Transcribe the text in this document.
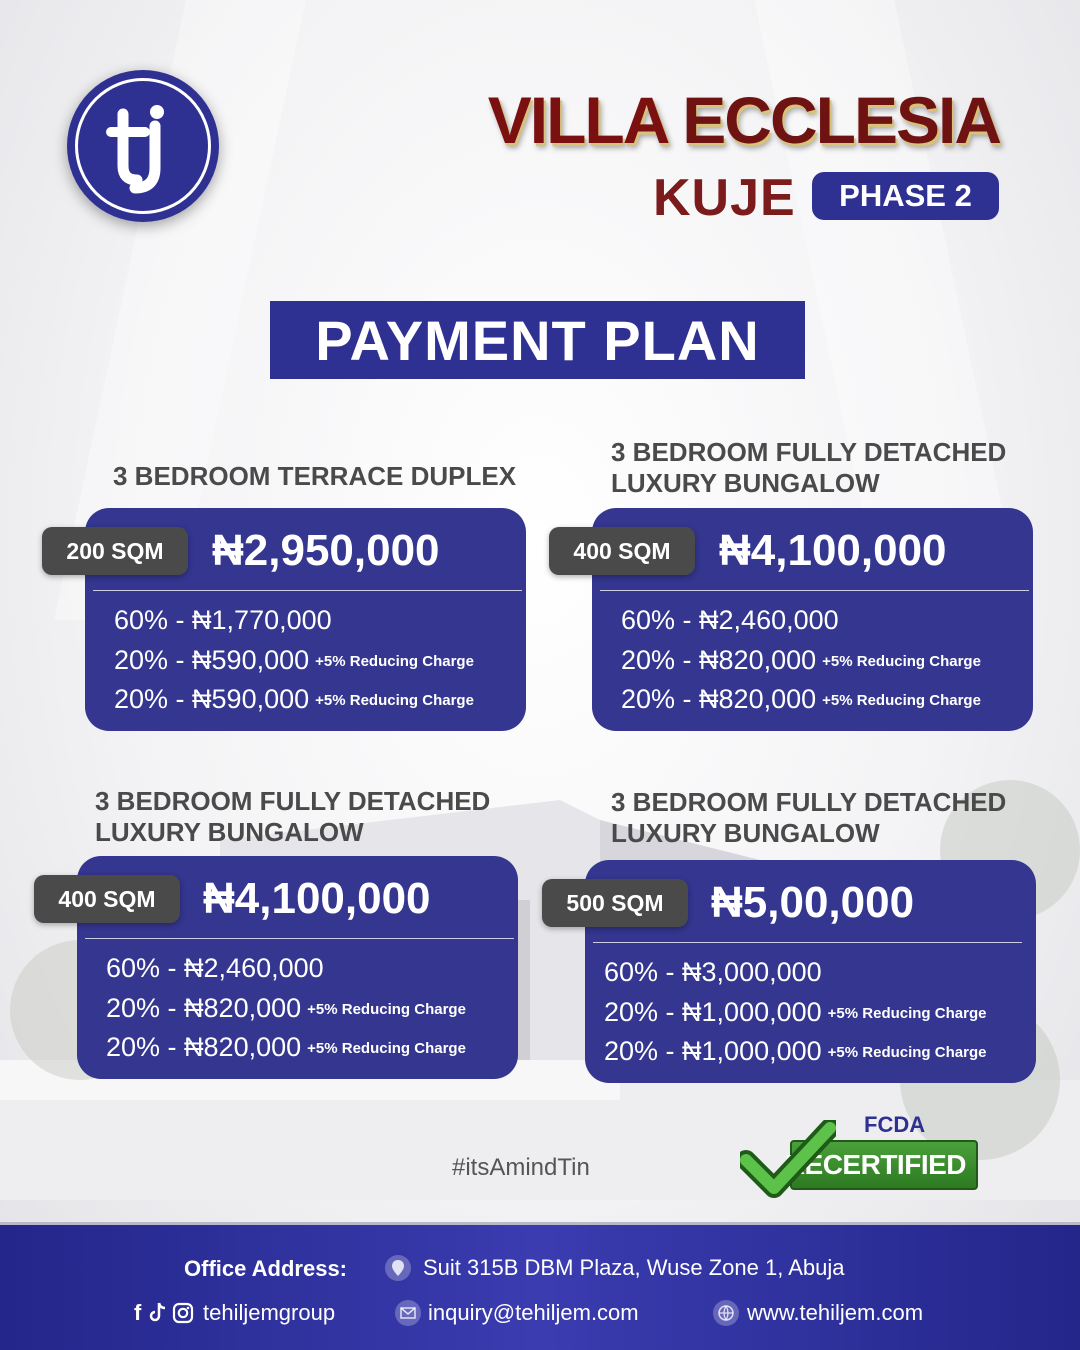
VILLA ECCLESIA
KUJE	PHASE 2
PAYMENT PLAN
3 BEDROOM TERRACE DUPLEX
60% - ₦1,770,000
20% - ₦590,000 +5% Reducing Charge
20% - ₦590,000 +5% Reducing Charge
200 SQM	₦2,950,000
3 BEDROOM FULLY DETACHED
LUXURY BUNGALOW
60% - ₦2,460,000
20% - ₦820,000 +5% Reducing Charge
20% - ₦820,000 +5% Reducing Charge
400 SQM	₦4,100,000
3 BEDROOM FULLY DETACHED
LUXURY BUNGALOW
60% - ₦2,460,000
20% - ₦820,000 +5% Reducing Charge
20% - ₦820,000 +5% Reducing Charge
400 SQM	₦4,100,000
3 BEDROOM FULLY DETACHED
LUXURY BUNGALOW
60% - ₦3,000,000
20% - ₦1,000,000 +5% Reducing Charge
20% - ₦1,000,000 +5% Reducing Charge
500 SQM	₦5,00,000
#itsAmindTin
FCDA
RECERTIFIED
Office Address:	Suit 315B DBM Plaza, Wuse Zone 1, Abuja
f	tehiljemgroup	inquiry@tehiljem.com	www.tehiljem.com
